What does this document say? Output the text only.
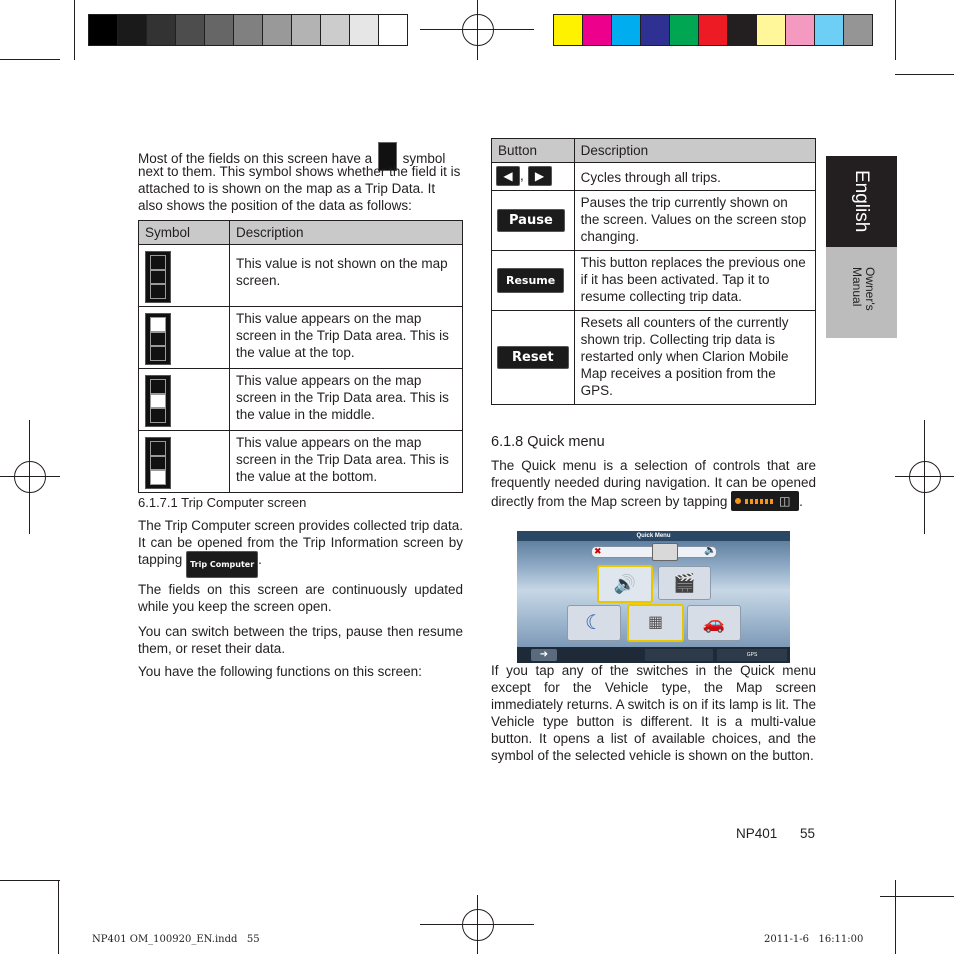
English
Owner's Manual
Most of the fields on this screen have a symbol
next to them. This symbol shows whether the field it is attached to is shown on the map as a Trip Data. It also shows the position of the data as follows:
Symbol	Description

	This value is not shown on the map screen.

	This value appears on the map screen in the Trip Data area. This is the value at the top.

	This value appears on the map screen in the Trip Data area. This is the value in the middle.

	This value appears on the map screen in the Trip Data area. This is the value at the bottom.
6.1.7.1 Trip Computer screen
The Trip Computer screen provides collected trip data. It can be opened from the Trip Information screen by tapping Trip Computer .
The fields on this screen are continuously updated while you keep the screen open.
You can switch between the trips, pause then resume them, or reset their data.
You have the following functions on this screen:
Button	Description
◀ , ▶	Cycles through all trips.
Pause	Pauses the trip currently shown on the screen. Values on the screen stop changing.
Resume	This button replaces the previous one if it has been activated. Tap it to resume collecting trip data.
Reset	Resets all counters of the currently shown trip. Collecting trip data is restarted only when Clarion Mobile Map receives a position from the GPS.
6.1.8 Quick menu
The Quick menu is a selection of controls that are frequently needed during navigation. It can be opened directly from the Map screen by tapping	◫ .
Quick Menu
✖	🔈
🔊	🎬
☾	▦	🚗
➜	GPS
If you tap any of the switches in the Quick menu except for the Vehicle type, the Map screen immediately returns. A switch is on if its lamp is lit. The Vehicle type button is different. It is a multi-value button. It opens a list of available choices, and the symbol of the selected vehicle is shown on the button.
NP401 55
NP401 OM_100920_EN.indd   55	2011-1-6   16:11:00
